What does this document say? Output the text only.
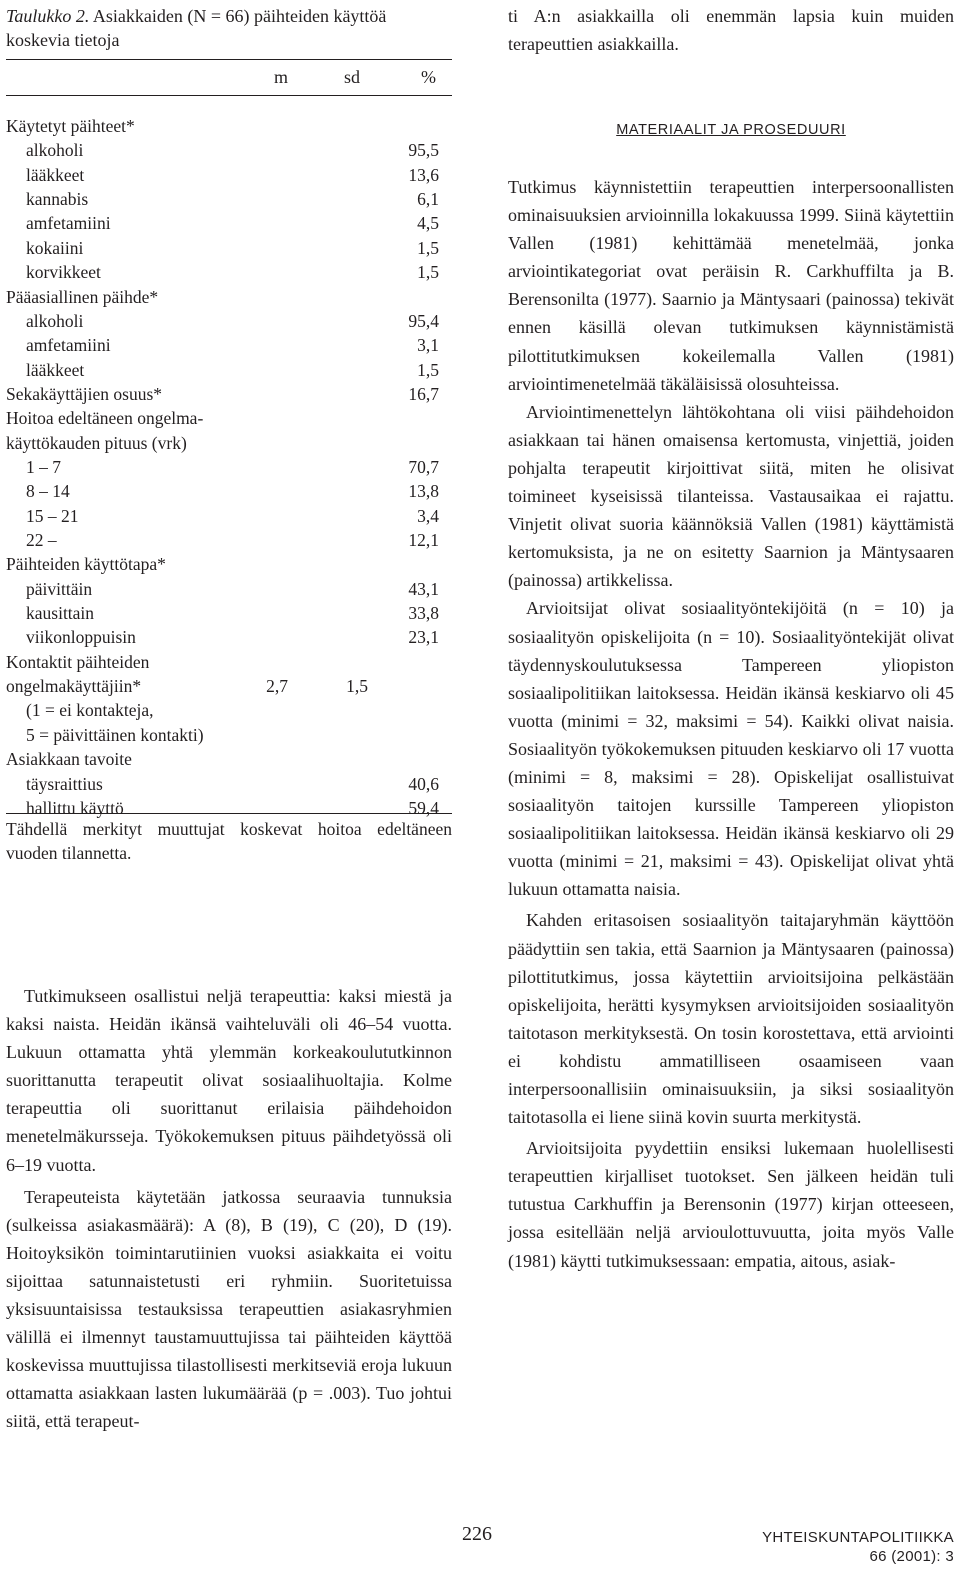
Taulukko 2. Asiakkaiden (N = 66) päihteiden käyttöä koskevia tietoja
m	sd	%
Käytetyt päihteet*
alkoholi	95,5
lääkkeet	13,6
kannabis	6,1
amfetamiini	4,5
kokaiini	1,5
korvikkeet	1,5
Pääasiallinen päihde*
alkoholi	95,4
amfetamiini	3,1
lääkkeet	1,5
Sekakäyttäjien osuus*	16,7
Hoitoa edeltäneen ongelma-
käyttökauden pituus (vrk)
1 – 7	70,7
8 – 14	13,8
15 – 21	3,4
22 –	12,1
Päihteiden käyttötapa*
päivittäin	43,1
kausittain	33,8
viikonloppuisin	23,1
Kontaktit päihteiden
ongelmakäyttäjiin*	2,7	1,5
(1 = ei kontakteja,
5 = päivittäinen kontakti)
Asiakkaan tavoite
täysraittius	40,6
hallittu käyttö	59,4
Tähdellä merkityt muuttujat koskevat hoitoa edeltäneen vuoden tilannetta.

Tutkimukseen osallistui neljä terapeuttia: kaksi miestä ja kaksi naista. Heidän ikänsä vaihteluväli oli 46–54 vuotta. Lukuun ottamatta yhtä ylemmän korkeakoulututkinnon suorittanutta terapeutit olivat sosiaalihuoltajia. Kolme terapeuttia oli suorittanut erilaisia päihdehoidon menetelmäkursseja. Työkokemuksen pituus päihdetyössä oli 6–19 vuotta.

Terapeuteista käytetään jatkossa seuraavia tunnuksia (sulkeissa asiakasmäärä): A (8), B (19), C (20), D (19). Hoitoyksikön toimintarutiinien vuoksi asiakkaita ei voitu sijoittaa satunnaistetusti eri ryhmiin. Suoritetuissa yksisuuntaisissa testauksissa terapeuttien asiakasryhmien välillä ei ilmennyt taustamuuttujissa tai päihteiden käyttöä koskevissa muuttujissa tilastollisesti merkitseviä eroja lukuun ottamatta asiakkaan lasten lukumäärää (p = .003). Tuo johtui siitä, että terapeut-

226

ti A:n asiakkailla oli enemmän lapsia kuin muiden terapeuttien asiakkailla.

MATERIAALIT JA PROSEDUURI

Tutkimus käynnistettiin terapeuttien interpersoonallisten ominaisuuksien arvioinnilla lokakuussa 1999. Siinä käytettiin Vallen (1981) kehittämää menetelmää, jonka arviointikategoriat ovat peräisin R. Carkhuffilta ja B. Berensonilta (1977). Saarnio ja Mäntysaari (painossa) tekivät ennen käsillä olevan tutkimuksen käynnistämistä pilottitutkimuksen kokeilemalla Vallen (1981) arviointimenetelmää täkäläisissä olosuhteissa.

Arviointimenettelyn lähtökohtana oli viisi päihdehoidon asiakkaan tai hänen omaisensa kertomusta, vinjettiä, joiden pohjalta terapeutit kirjoittivat siitä, miten he olisivat toimineet kyseisissä tilanteissa. Vastausaikaa ei rajattu. Vinjetit olivat suoria käännöksiä Vallen (1981) käyttämistä kertomuksista, ja ne on esitetty Saarnion ja Mäntysaaren (painossa) artikkelissa.

Arvioitsijat olivat sosiaalityöntekijöitä (n = 10) ja sosiaalityön opiskelijoita (n = 10). Sosiaalityöntekijät olivat täydennyskoulutuksessa Tampereen yliopiston sosiaalipolitiikan laitoksessa. Heidän ikänsä keskiarvo oli 45 vuotta (minimi = 32, maksimi = 54). Kaikki olivat naisia. Sosiaalityön työkokemuksen pituuden keskiarvo oli 17 vuotta (minimi = 8, maksimi = 28). Opiskelijat osallistuivat sosiaalityön taitojen kurssille Tampereen yliopiston sosiaalipolitiikan laitoksessa. Heidän ikänsä keskiarvo oli 29 vuotta (minimi = 21, maksimi = 43). Opiskelijat olivat yhtä lukuun ottamatta naisia.

Kahden eritasoisen sosiaalityön taitajaryhmän käyttöön päädyttiin sen takia, että Saarnion ja Mäntysaaren (painossa) pilottitutkimus, jossa käytettiin arvioitsijoina pelkästään opiskelijoita, herätti kysymyksen arvioitsijoiden sosiaalityön taitotason merkityksestä. On tosin korostettava, että arviointi ei kohdistu ammatilliseen osaamiseen vaan interpersoonallisiin ominaisuuksiin, ja siksi sosiaalityön taitotasolla ei liene siinä kovin suurta merkitystä.

Arvioitsijoita pyydettiin ensiksi lukemaan huolellisesti terapeuttien kirjalliset tuotokset. Sen jälkeen heidän tuli tutustua Carkhuffin ja Berensonin (1977) kirjan otteeseen, jossa esitellään neljä arvioulottuvuutta, joita myös Valle (1981) käytti tutkimuksessaan: empatia, aitous, asiak-

YHTEISKUNTAPOLITIIKKA
66 (2001): 3
